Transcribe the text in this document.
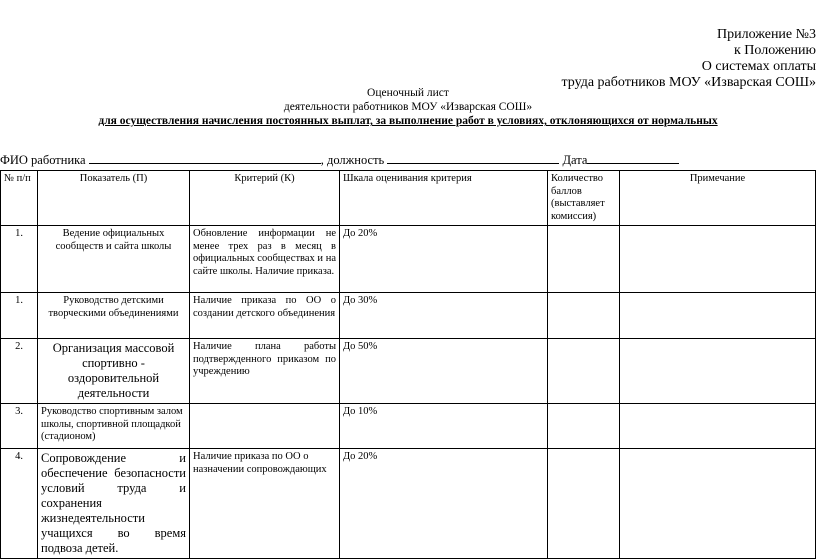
Приложение №3
к Положению
О системах оплаты
труда работников МОУ «Изварская СОШ»
Оценочный лист
деятельности работников МОУ «Изварская СОШ»
для осуществления начисления постоянных выплат, за выполнение работ в условиях, отклоняющихся от нормальных
ФИО работника	, должность	Дата
№ п/п	Показатель (П)	Критерий (К)	Шкала оценивания критерия	Количество баллов (выставляет комиссия)	Примечание
1.	Ведение официальных сообществ и сайта школы	Обновление информации не менее трех раз в месяц в официальных сообществах и на сайте школы. Наличие приказа.	До 20%		
1.	Руководство детскими творческими объединениями	Наличие приказа по ОО о создании детского объединения	До 30%		
2.	Организация массовой спортивно - оздоровительной деятельности	Наличие плана работы подтвержденного приказом по учреждению	До 50%		
3.	Руководство спортивным залом школы, спортивной площадкой (стадионом)		До 10%		
4.	Сопровождение и обеспечение безопасности условий труда и сохранения жизнедеятельности учащихся во время подвоза детей.	Наличие приказа по ОО о назначении сопровождающих	До 20%		
